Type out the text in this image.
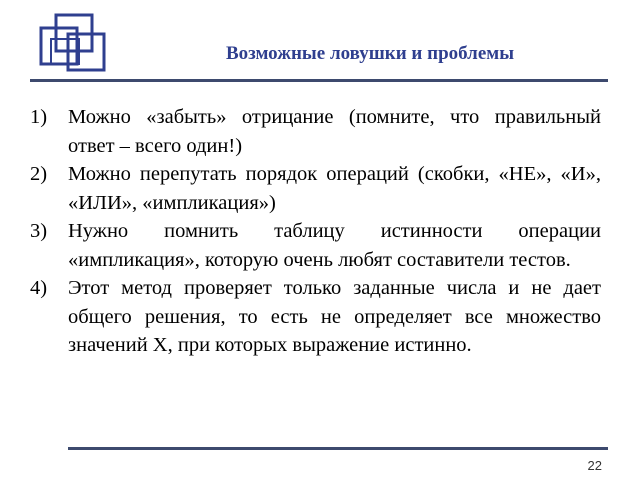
Возможные ловушки и проблемы
1) Можно «забыть» отрицание (помните, что правильный ответ – всего один!)
2) Можно перепутать порядок операций (скобки, «НЕ», «И», «ИЛИ», «импликация»)
3) Нужно помнить таблицу истинности операции «импликация», которую очень любят составители тестов.
4) Этот метод проверяет только заданные числа и не дает общего решения, то есть не определяет все множество значений X, при которых выражение истинно.
22
